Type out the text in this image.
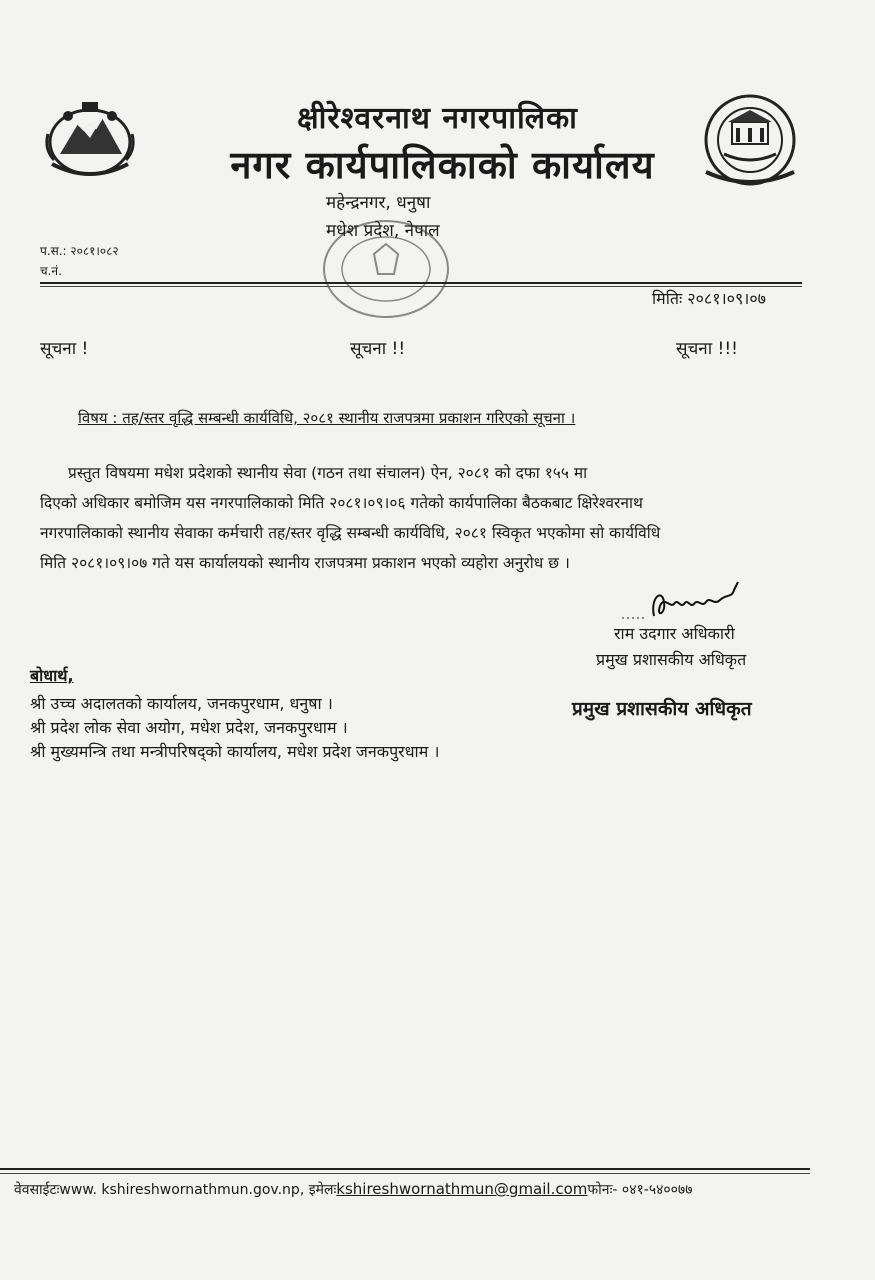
क्षीरेश्वरनाथ नगरपालिका
नगर कार्यपालिकाको कार्यालय
महेन्द्रनगर, धनुषा
मधेश प्रदेश, नेपाल
प.स.: २०८१।०८२
च.नं.
मितिः २०८१।०९।०७
सूचना !	सूचना !!	सूचना !!!
विषय : तह/स्तर वृद्धि सम्बन्धी कार्यविधि, २०८१ स्थानीय राजपत्रमा प्रकाशन गरिएको सूचना ।
प्रस्तुत विषयमा मधेश प्रदेशको स्थानीय सेवा (गठन तथा संचालन) ऐन, २०८१ को दफा १५५ मा
दिएको अधिकार बमोजिम यस नगरपालिकाको मिति २०८१।०९।०६ गतेको कार्यपालिका बैठकबाट क्षिरेश्वरनाथ
नगरपालिकाको स्थानीय सेवाका कर्मचारी तह/स्तर वृद्धि सम्बन्धी कार्यविधि, २०८१ स्विकृत भएकोमा सो कार्यविधि
मिति २०८१।०९।०७ गते यस कार्यालयको स्थानीय राजपत्रमा प्रकाशन भएको व्यहोरा अनुरोध छ ।
राम उदगार अधिकारी
प्रमुख प्रशासकीय अधिकृत
प्रमुख प्रशासकीय अधिकृत
बोधार्थ,
श्री उच्च अदालतको कार्यालय, जनकपुरधाम, धनुषा ।
श्री प्रदेश लोक सेवा अयोग, मधेश प्रदेश, जनकपुरधाम ।
श्री मुख्यमन्त्रि तथा मन्त्रीपरिषद्‌को कार्यालय, मधेश प्रदेश जनकपुरधाम ।
वेवसाईटःwww. kshireshwornathmun.gov.np, इमेलःkshireshwornathmun@gmail.comफोनः- ०४१-५४००७७
